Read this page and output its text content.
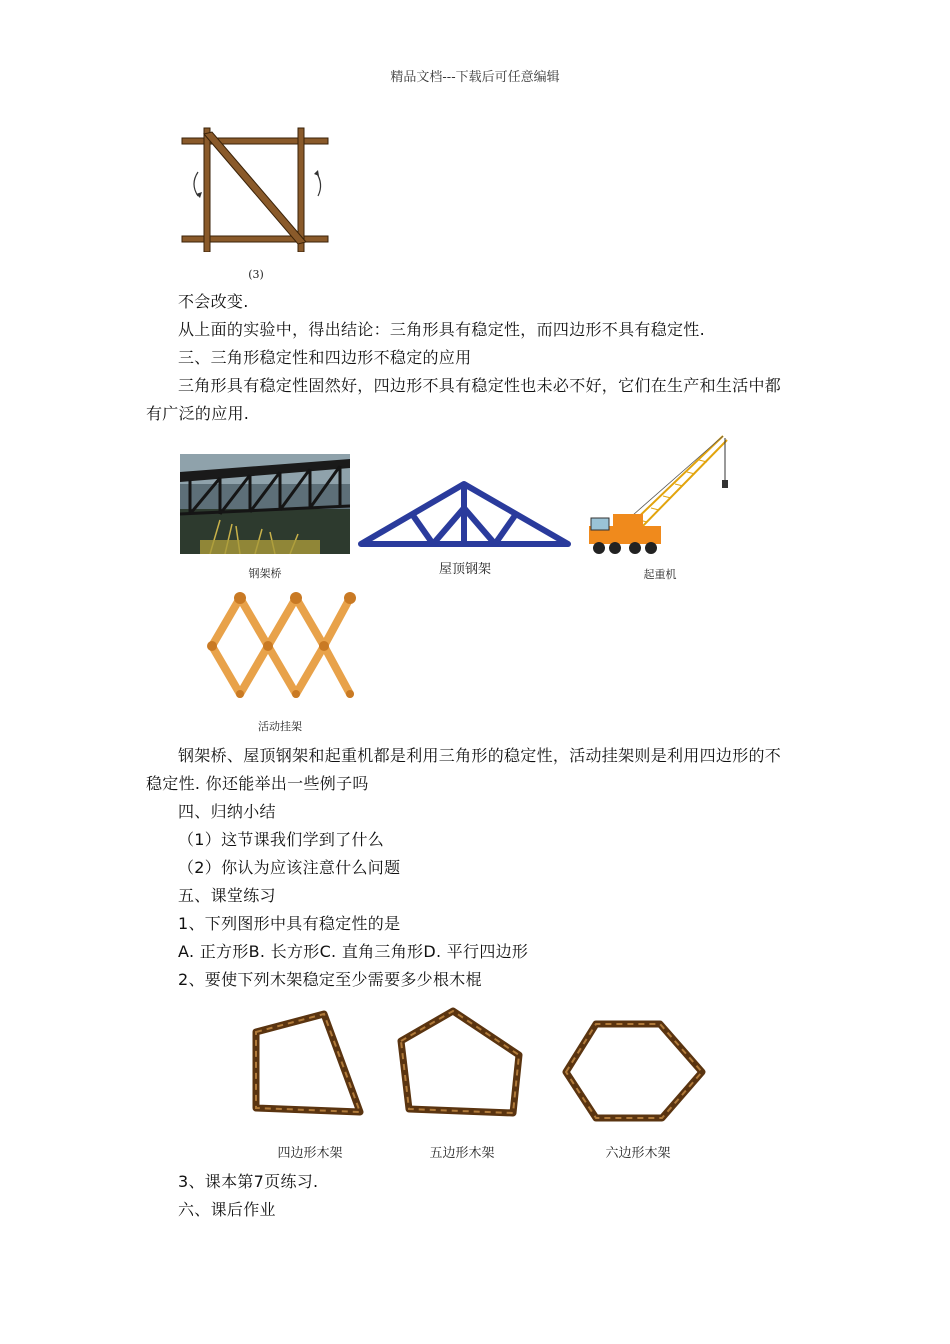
精品文档---下载后可任意编辑
(3)
不会改变.
从上面的实验中，得出结论：三角形具有稳定性，而四边形不具有稳定性.
三、三角形稳定性和四边形不稳定的应用
三角形具有稳定性固然好，四边形不具有稳定性也未必不好，它们在生产和生活中都
有广泛的应用.
钢架桥	屋顶钢架	起重机
活动挂架
钢架桥、屋顶钢架和起重机都是利用三角形的稳定性，活动挂架则是利用四边形的不
稳定性. 你还能举出一些例子吗
四、归纳小结
（1）这节课我们学到了什么
（2）你认为应该注意什么问题
五、课堂练习
1、下列图形中具有稳定性的是
A. 正方形B. 长方形C. 直角三角形D. 平行四边形
2、要使下列木架稳定至少需要多少根木棍
四边形木架	五边形木架	六边形木架
3、课本第7页练习.
六、课后作业
